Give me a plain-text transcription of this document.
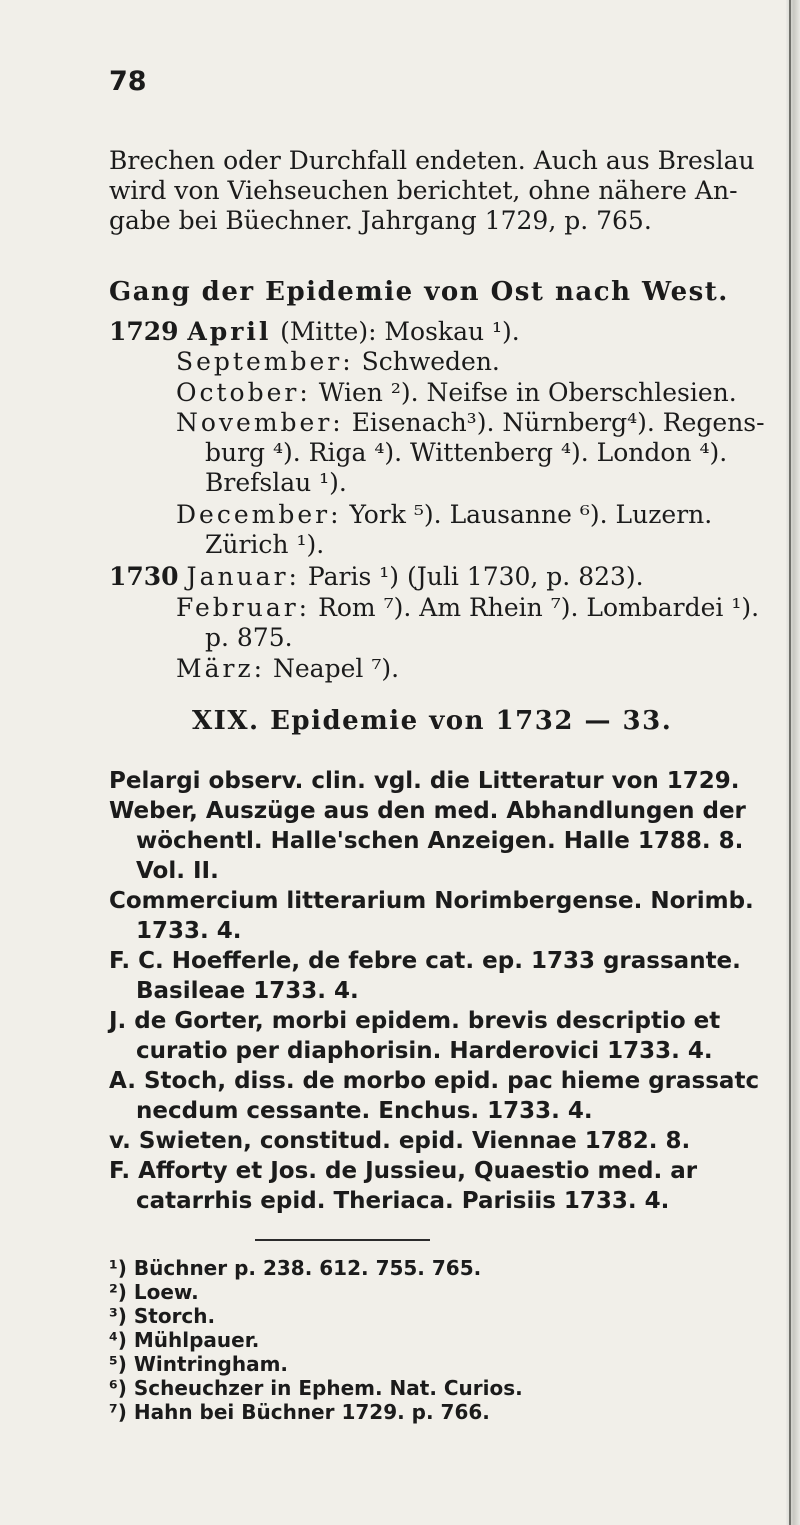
78
Brechen oder Durchfall endeten. Auch aus Breslau
wird von Viehseuchen berichtet, ohne nähere An-
gabe bei Büechner. Jahrgang 1729, p. 765.
Gang der Epidemie von Ost nach West.
1729 April (Mitte): Moskau ¹).
September: Schweden.
October: Wien ²). Neifse in Oberschlesien.
November: Eisenach³). Nürnberg⁴). Regens-
burg ⁴). Riga ⁴). Wittenberg ⁴). London ⁴).
Brefslau ¹).
December: York ⁵). Lausanne ⁶). Luzern.
Zürich ¹).
1730 Januar: Paris ¹) (Juli 1730, p. 823).
Februar: Rom ⁷). Am Rhein ⁷). Lombardei ¹).
p. 875.
März: Neapel ⁷).
XIX. Epidemie von 1732 — 33.
Pelargi observ. clin. vgl. die Litteratur von 1729.
Weber, Auszüge aus den med. Abhandlungen der
wöchentl. Halle'schen Anzeigen. Halle 1788. 8.
Vol. II.
Commercium litterarium Norimbergense. Norimb.
1733. 4.
F. C. Hoefferle, de febre cat. ep. 1733 grassante.
Basileae 1733. 4.
J. de Gorter, morbi epidem. brevis descriptio et
curatio per diaphorisin. Harderovici 1733. 4.
A. Stoch, diss. de morbo epid. pac hieme grassatc
necdum cessante. Enchus. 1733. 4.
v. Swieten, constitud. epid. Viennae 1782. 8.
F. Afforty et Jos. de Jussieu, Quaestio med. ar
catarrhis epid. Theriaca. Parisiis 1733. 4.
¹) Büchner p. 238. 612. 755. 765.
²) Loew.
³) Storch.
⁴) Mühlpauer.
⁵) Wintringham.
⁶) Scheuchzer in Ephem. Nat. Curios.
⁷) Hahn bei Büchner 1729. p. 766.
